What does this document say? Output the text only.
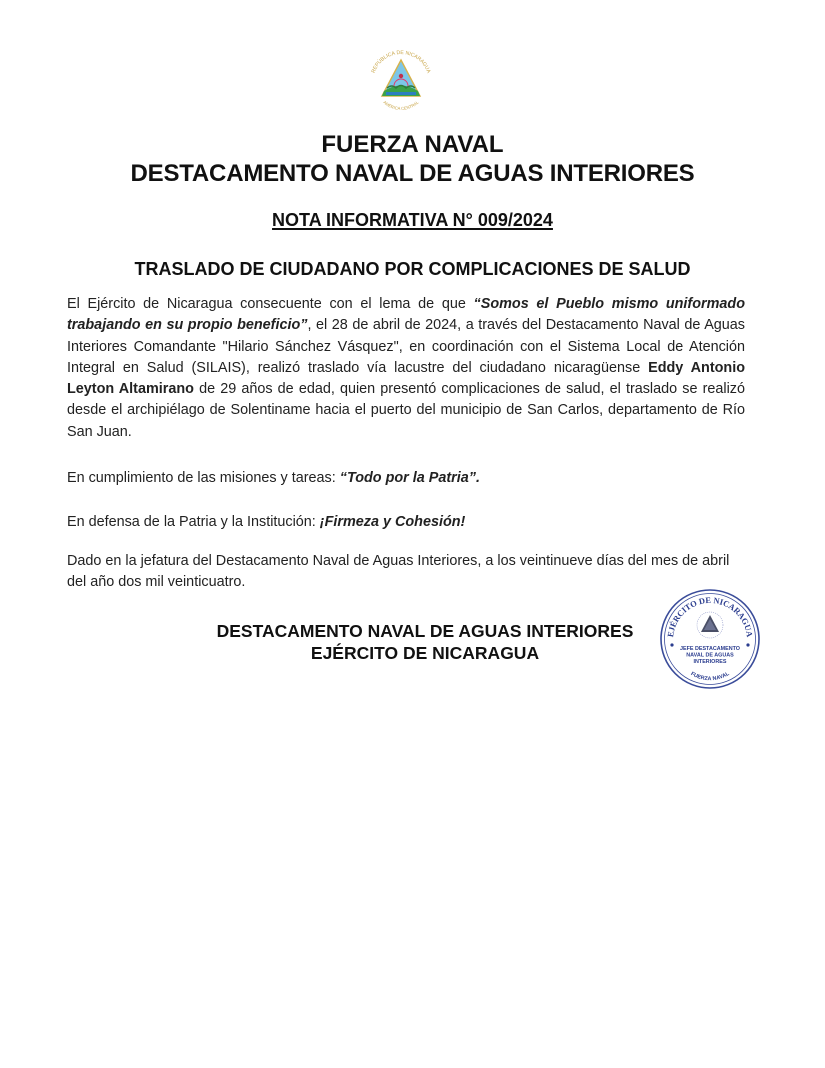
REPÚBLICA DE NICARAGUA
AMÉRICA CENTRAL
FUERZA NAVAL
DESTACAMENTO NAVAL DE AGUAS INTERIORES
NOTA INFORMATIVA N° 009/2024
TRASLADO DE CIUDADANO POR COMPLICACIONES DE SALUD
El Ejército de Nicaragua consecuente con el lema de que “Somos el Pueblo mismo uniformado trabajando en su propio beneficio”, el 28 de abril de 2024, a través del Destacamento Naval de Aguas Interiores Comandante "Hilario Sánchez Vásquez", en coordinación con el Sistema Local de Atención Integral en Salud (SILAIS), realizó traslado vía lacustre del ciudadano nicaragüense Eddy Antonio Leyton Altamirano de 29 años de edad, quien presentó complicaciones de salud, el traslado se realizó desde el archipiélago de Solentiname hacia el puerto del municipio de San Carlos, departamento de Río San Juan.
En cumplimiento de las misiones y tareas: “Todo por la Patria”.
En defensa de la Patria y la Institución: ¡Firmeza y Cohesión!
Dado en la jefatura del Destacamento Naval de Aguas Interiores, a los veintinueve días del mes de abril del año dos mil veinticuatro.
DESTACAMENTO NAVAL DE AGUAS INTERIORES
EJÉRCITO DE NICARAGUA
EJÉRCITO DE NICARAGUA
JEFE DESTACAMENTO
NAVAL DE AGUAS
INTERIORES
FUERZA NAVAL
